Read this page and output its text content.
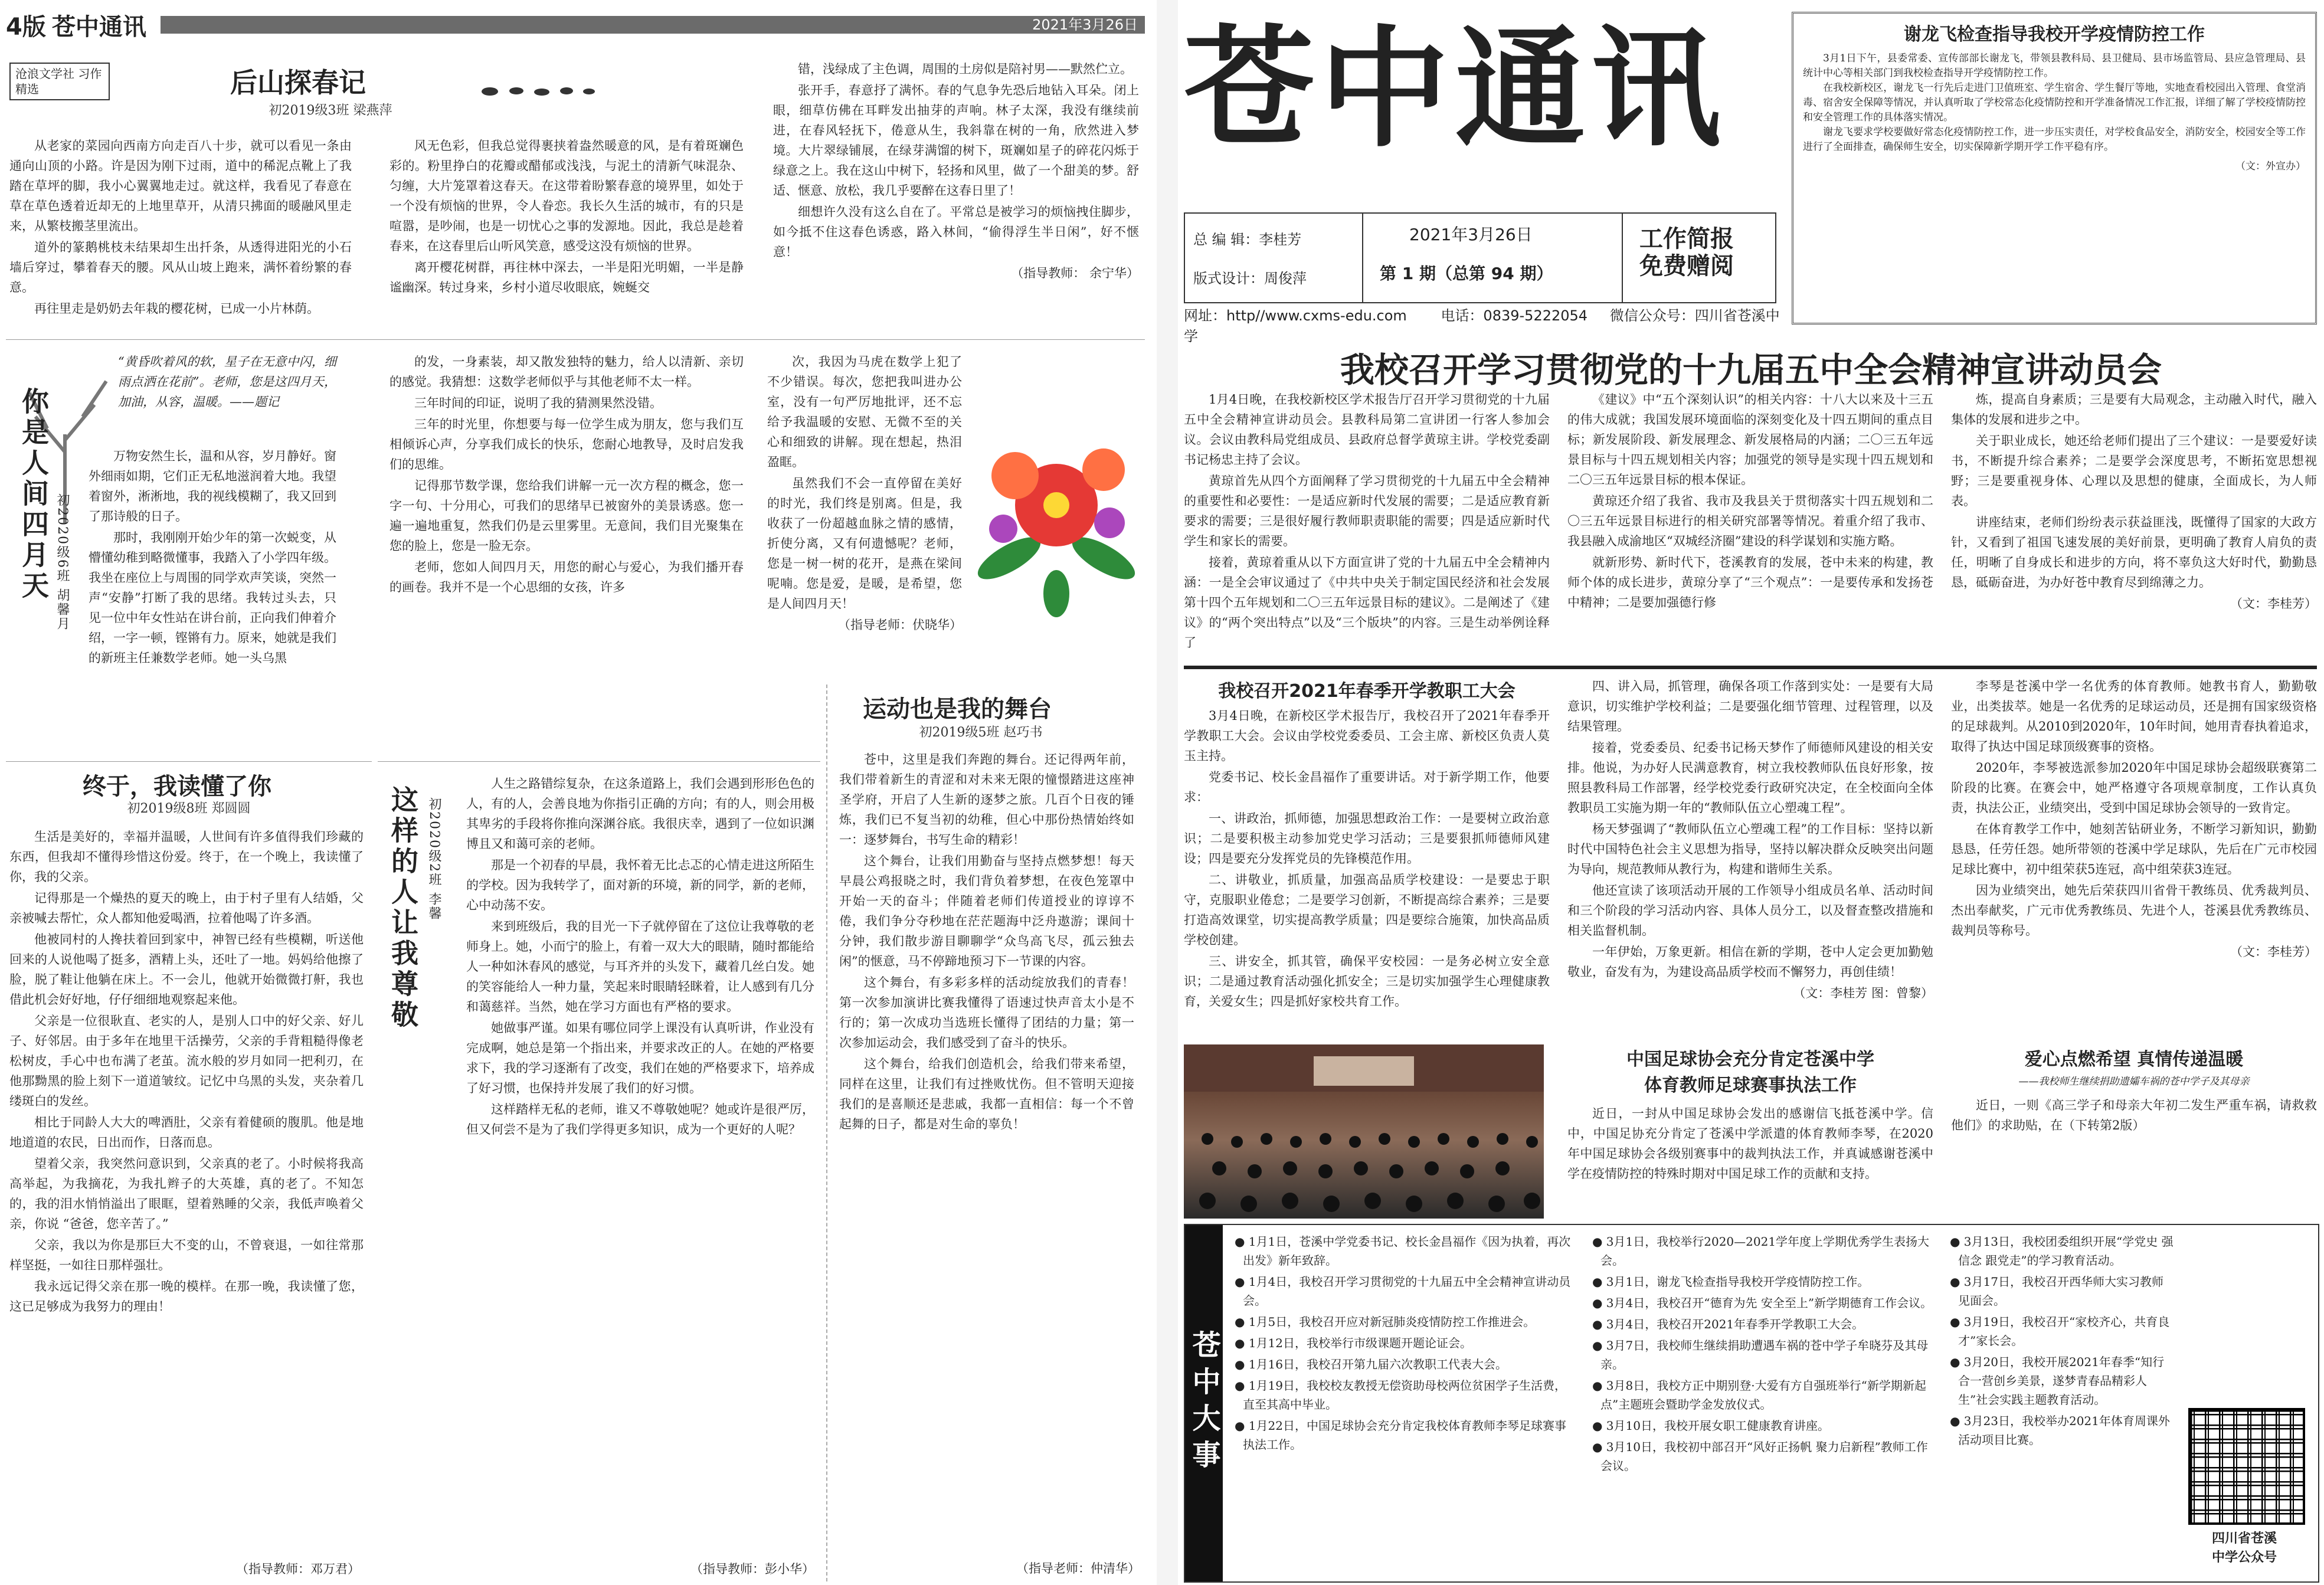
4版 苍中通讯	2021年3月26日
沧浪文学社 习作精选	后山探春记
初2019级3班 梁燕萍

从老家的菜园向西南方向走百八十步，就可以看见一条由通向山顶的小路。许是因为刚下过雨，道中的稀泥点靴上了我踏在草坪的脚，我小心翼翼地走过。就这样，我看见了春意在草在草色透着近却无的上地里草开，从清只拂面的暖融风里走来，从繁枝搬茎里流出。

道外的篆鹅桃枝未结果却生出扦条，从透得进阳光的小石墙后穿过，攀着春天的腰。风从山坡上跑来，满怀着纷繁的春意。

再往里走是奶奶去年栽的樱花树，已成一小片林荫。

风无色彩，但我总觉得裹挟着盎然暖意的风，是有着斑斓色彩的。粉里挣白的花瓣或醋郁或浅浅，与泥土的清新气味混杂、匀缠，大片笼罩着这春天。在这带着盼繁春意的境界里，如处于一个没有烦恼的世界，令人眷恋。我长久生活的城市，有的只是喧嚣，是吵闹，也是一切忧心之事的发源地。因此，我总是趁着春来，在这春里后山听风笑意，感受这没有烦恼的世界。

离开樱花树群，再往林中深去，一半是阳光明媚，一半是静谧幽深。转过身来，乡村小道尽收眼底，婉蜒交

错，浅绿成了主色调，周围的土房似是陪衬男——默然伫立。

张开手，春意抒了满怀。春的气息争先恐后地钻入耳朵。闭上眼，细草仿佛在耳畔发出抽芽的声响。林子太深，我没有继续前进，在春风轻抚下，倦意从生，我斜靠在树的一角，欣然进入梦境。大片翠绿铺展，在绿芽满馏的树下，斑斓如星子的碎花闪烁于绿意之上。我在这山中树下，轻扬和风里，做了一个甜美的梦。舒适、惬意、放松，我几乎要醉在这春日里了！

细想许久没有这么自在了。平常总是被学习的烦恼拽住脚步，如今抵不住这春色诱惑，路入林间，“偷得浮生半日闲”，好不惬意！

（指导教师： 余宁华）
你是人间四月天 初2020级6班 胡馨月
“黄昏吹着风的软，星子在无意中闪，细雨点洒在花前”。老师，您是这四月天，加油，从容，温暖。——题记

万物安然生长，温和从容，岁月静好。窗外细雨如期，它们正无私地滋润着大地。我望着窗外，淅淅地，我的视线模糊了，我又回到了那诗般的日子。

那时，我刚刚开始少年的第一次蜕变，从懵懂幼稚到略微懂事，我踏入了小学四年级。我坐在座位上与周围的同学欢声笑谈，突然一声“安静”打断了我的思绪。我转过头去，只见一位中年女性站在讲台前，正向我们伸着介绍，一字一顿，铿锵有力。原来，她就是我们的新班主任兼数学老师。她一头乌黑

的发，一身素装，却又散发独特的魅力，给人以清新、亲切的感觉。我猜想：这数学老师似乎与其他老师不太一样。

三年时间的印证，说明了我的猜测果然没错。

三年的时光里，你想要与每一位学生成为朋友，您与我们互相倾诉心声，分享我们成长的快乐，您耐心地教导，及时启发我们的思维。

记得那节数学课，您给我们讲解一元一次方程的概念，您一字一句、十分用心，可我们的思绪早已被窗外的美景诱惑。您一遍一遍地重复，然我们仍是云里雾里。无意间，我们目光聚集在您的脸上，您是一脸无奈。

老师，您如人间四月天，用您的耐心与爱心，为我们播开春的画卷。我并不是一个心思细的女孩，许多

次，我因为马虎在数学上犯了不少错误。每次，您把我叫进办公室，没有一句严厉地批评，还不忘给予我温暖的安慰、无微不至的关心和细致的讲解。现在想起，热泪盈眶。

虽然我们不会一直停留在美好的时光，我们终是别离。但是，我收获了一份超越血脉之情的感情，折使分离，又有何遗憾呢？老师，您是一树一树的花开，是燕在梁间呢喃。您是爱，是暖，是希望，您是人间四月天！

（指导老师：伏晓华）
终于，我读懂了你
初2019级8班 郑圆圆

生活是美好的，幸福并温暖，人世间有许多值得我们珍藏的东西，但我却不懂得珍惜这份爱。终于，在一个晚上，我读懂了你，我的父亲。

记得那是一个燥热的夏天的晚上，由于村子里有人结婚，父亲被喊去帮忙，众人都知他爱喝酒，拉着他喝了许多酒。

他被同村的人搀扶着回到家中，神智已经有些模糊，听送他回来的人说他喝了挺多，酒精上头，还吐了一地。妈妈给他擦了脸，脱了鞋让他躺在床上。不一会儿，他就开始微微打鼾，我也借此机会好好地，仔仔细细地观察起来他。

父亲是一位很耿直、老实的人，是别人口中的好父亲、好儿子、好邻居。由于多年在地里干活操劳，父亲的手背粗糙得像老松树皮，手心中也布满了老茧。流水般的岁月如同一把利刃，在他那黝黑的脸上刻下一道道皱纹。记忆中乌黑的头发，夹杂着几缕斑白的发丝。

相比于同龄人大大的啤酒肚，父亲有着健硕的腹肌。他是地地道道的农民，日出而作，日落而息。

望着父亲，我突然问意识到，父亲真的老了。小时候将我高高举起，为我摘花，为我扎辫子的大英雄，真的老了。不知怎的，我的泪水悄悄溢出了眼眶，望着熟睡的父亲，我低声唤着父亲，你说 “爸爸，您辛苦了。”

父亲，我以为你是那巨大不变的山，不曾衰退，一如往常那样坚挺，一如往日那样强壮。

我永远记得父亲在那一晚的模样。在那一晚，我读懂了您，这已足够成为我努力的理由！

（指导教师：邓万君）
这样的人让我尊敬 初2020级2班 李馨

人生之路错综复杂，在这条道路上，我们会遇到形形色色的人，有的人，会善良地为你指引正确的方向；有的人，则会用极其卑劣的手段将你推向深渊谷底。我很庆幸，遇到了一位如识渊博且又和蔼可亲的老师。

那是一个初春的早晨，我怀着无比忐忑的心情走进这所陌生的学校。因为我转学了，面对新的环境，新的同学，新的老师，心中动荡不安。

来到班级后，我的目光一下子就停留在了这位让我尊敬的老师身上。她，小而宁的脸上，有着一双大大的眼睛，随时都能给人一种如沐春风的感觉，与耳齐并的头发下，藏着几丝白发。她的笑容能给人一种力量，笑起来时眼睛轻眯着，让人感到有几分和蔼慈祥。当然，她在学习方面也有严格的要求。

她做事严谨。如果有哪位同学上课没有认真听讲，作业没有完成啊，她总是第一个指出来，并要求改正的人。在她的严格要求下，我的学习逐渐有了改变，我们在她的严格要求下，培养成了好习惯，也保持并发展了我们的好习惯。

这样踏样无私的老师，谁又不尊敬她呢？她或许是很严厉，但又何尝不是为了我们学得更多知识，成为一个更好的人呢？

（指导教师：彭小华）
运动也是我的舞台
初2019级5班 赵巧书

苍中，这里是我们奔跑的舞台。还记得两年前，我们带着新生的青涩和对未来无限的憧憬踏进这座神圣学府，开启了人生新的逐梦之旅。几百个日夜的锤炼，我们已不复当初的幼稚，但心中那份热情始终如一：逐梦舞台，书写生命的精彩！

这个舞台，让我们用勤奋与坚持点燃梦想！每天早晨公鸡报晓之时，我们背负着梦想，在夜色笼罩中开始一天的奋斗；伴随着老师们传道授业的谆谆不倦，我们争分夺秒地在茫茫题海中泛舟遨游；课间十分钟，我们散步游目聊聊学“众鸟高飞尽，孤云独去闲”的惬意，马不停蹄地预习下一节课的内容。

这个舞台，有多彩多样的活动绽放我们的青春！第一次参加演讲比赛我懂得了语速过快声音太小是不行的；第一次成功当选班长懂得了团结的力量；第一次参加运动会，我们感受到了奋斗的快乐。

这个舞台，给我们创造机会，给我们带来希望，同样在这里，让我们有过挫败忧伤。但不管明天迎接我们的是喜顺还是悲戚，我都一直相信：每一个不曾起舞的日子，都是对生命的辜负！

（指导老师：仲清华）
苍中通讯
总 编 辑：李桂芳
版式设计：周俊萍
2021年3月26日
第 1 期（总第 94 期）
工作简报
免费赠阅
网址：http//www.cxms-edu.com 电话：0839-5222054 微信公众号：四川省苍溪中学
谢龙飞检查指导我校开学疫情防控工作

3月1日下午，县委常委、宣传部部长谢龙飞，带领县教科局、县卫健局、县市场监管局、县应急管理局、县统计中心等相关部门到我校检查指导开学疫情防控工作。

在我校新校区，谢龙飞一行先后走进门卫值班室、学生宿舍、学生餐厅等地，实地查看校园出入管理、食堂消毒、宿舍安全保障等情况，并认真听取了学校常态化疫情防控和开学准备情况工作汇报，详细了解了学校疫情防控和安全管理工作的具体落实情况。

谢龙飞要求学校要做好常态化疫情防控工作，进一步压实责任，对学校食品安全，消防安全，校园安全等工作进行了全面排查，确保师生安全，切实保障新学期开学工作平稳有序。

（文：外宣办）
我校召开学习贯彻党的十九届五中全会精神宣讲动员会

1月4日晚，在我校新校区学术报告厅召开学习贯彻党的十九届五中全会精神宣讲动员会。县教科局第二宣讲团一行客人参加会议。会议由教科局党组成员、县政府总督学黄琼主讲。学校党委副书记杨忠主持了会议。

黄琼首先从四个方面阐释了学习贯彻党的十九届五中全会精神的重要性和必要性：一是适应新时代发展的需要；二是适应教育新要求的需要；三是很好履行教师职责职能的需要；四是适应新时代学生和家长的需要。

接着，黄琼着重从以下方面宣讲了党的十九届五中全会精神内涵：一是全会审议通过了《中共中央关于制定国民经济和社会发展第十四个五年规划和二〇三五年远景目标的建议》。二是阐述了《建议》的“两个突出特点”以及“三个版块”的内容。三是生动举例诠释了

《建议》中“五个深刻认识”的相关内容：十八大以来及十三五的伟大成就；我国发展环境面临的深刻变化及十四五期间的重点目标；新发展阶段、新发展理念、新发展格局的内涵；二〇三五年远景目标与十四五规划相关内容；加强党的领导是实现十四五规划和二〇三五年远景目标的根本保证。

黄琼还介绍了我省、我市及我县关于贯彻落实十四五规划和二〇三五年远景目标进行的相关研究部署等情况。着重介绍了我市、我县融入成渝地区“双城经济圈”建设的科学谋划和实施方略。

就新形势、新时代下，苍溪教育的发展，苍中未来的构建，教师个体的成长进步，黄琼分享了“三个观点”：一是要传承和发扬苍中精神；二是要加强德行修

炼，提高自身素质；三是要有大局观念，主动融入时代，融入集体的发展和进步之中。

关于职业成长，她还给老师们提出了三个建议：一是要爱好读书，不断提升综合素养；二是要学会深度思考，不断拓宽思想视野；三是要重视身体、心理以及思想的健康，全面成长，为人师表。

讲座结束，老师们纷纷表示获益匪浅，既懂得了国家的大政方针，又看到了祖国飞速发展的美好前景，更明确了教育人肩负的责任，明晰了自身成长和进步的方向，将不辜负这大好时代，勤勤恳恳，砥砺奋进，为办好苍中教育尽到绵薄之力。

（文：李桂芳）
我校召开2021年春季开学教职工大会

3月4日晚，在新校区学术报告厅，我校召开了2021年春季开学教职工大会。会议由学校党委委员、工会主席、新校区负责人莫玉主持。

党委书记、校长金昌福作了重要讲话。对于新学期工作，他要求：

一、讲政治，抓师德，加强思想政治工作：一是要树立政治意识；二是要积极主动参加党史学习活动；三是要狠抓师德师风建设；四是要充分发挥党员的先锋模范作用。

二、讲敬业，抓质量，加强高品质学校建设：一是要忠于职守，克服职业倦怠；二是要学习创新，不断提高综合素养；三是要打造高效课堂，切实提高教学质量；四是要综合施策，加快高品质学校创建。

三、讲安全，抓其管，确保平安校园：一是务必树立安全意识；二是通过教育活动强化抓安全；三是切实加强学生心理健康教育，关爱女生；四是抓好家校共育工作。

四、讲入局，抓管理，确保各项工作落到实处：一是要有大局意识，切实维护学校利益；二是要强化细节管理、过程管理，以及结果管理。

接着，党委委员、纪委书记杨天梦作了师德师风建设的相关安排。他说，为办好人民满意教育，树立我校教师队伍良好形象，按照县教科局工作部署，经学校党委行政研究决定，在全校面向全体教职员工实施为期一年的“教师队伍立心塑魂工程”。

杨天梦强调了“教师队伍立心塑魂工程”的工作目标：坚持以新时代中国特色社会主义思想为指导，坚持以解决群众反映突出问题为导向，规范教师从教行为，构建和谐师生关系。

他还宣读了该项活动开展的工作领导小组成员名单、活动时间和三个阶段的学习活动内容、具体人员分工，以及督查整改措施和相关监督机制。

一年伊始，万象更新。相信在新的学期，苍中人定会更加勤勉敬业，奋发有为，为建设高品质学校而不懈努力，再创佳绩！

（文：李桂芳 图：曾黎）
中国足球协会充分肯定苍溪中学
体育教师足球赛事执法工作

近日，一封从中国足球协会发出的感谢信飞抵苍溪中学。信中，中国足协充分肯定了苍溪中学派遣的体育教师李琴，在2020年中国足球协会各级别赛事中的裁判执法工作，并真诚感谢苍溪中学在疫情防控的特殊时期对中国足球工作的贡献和支持。

李琴是苍溪中学一名优秀的体育教师。她教书育人，勤勤敬业，出类拔萃。她是一名优秀的足球运动员，还是拥有国家级资格的足球裁判。从2010到2020年，10年时间，她用青春执着追求，取得了执达中国足球顶级赛事的资格。

2020年，李琴被选派参加2020年中国足球协会超级联赛第二阶段的比赛。在赛会中，她严格遵守各项规章制度，工作认真负责，执法公正，业绩突出，受到中国足球协会领导的一致肯定。

在体育教学工作中，她刻苦钻研业务，不断学习新知识，勤勤恳恳，任劳任怨。她所带领的苍溪中学足球队，先后在广元市校园足球比赛中，初中组荣获5连冠，高中组荣获3连冠。

因为业绩突出，她先后荣获四川省骨干教练员、优秀裁判员、杰出奉献奖，广元市优秀教练员、先进个人，苍溪县优秀教练员、裁判员等称号。

（文：李桂芳）
爱心点燃希望 真情传递温暖
——我校师生继续捐助遗孀车祸的苍中学子及其母亲

近日，一则《高三学子和母亲大年初二发生严重车祸，请救救他们》的求助贴，在（下转第2版）

苍中大事
● 1月1日，苍溪中学党委书记、校长金昌福作《因为执着，再次出发》新年致辞。
● 1月4日，我校召开学习贯彻党的十九届五中全会精神宣讲动员会。
● 1月5日，我校召开应对新冠肺炎疫情防控工作推进会。
● 1月12日，我校举行市级课题开题论证会。
● 1月16日，我校召开第九届六次教职工代表大会。
● 1月19日，我校校友教授无偿资助母校两位贫困学子生活费，直至其高中毕业。
● 1月22日，中国足球协会充分肯定我校体育教师李琴足球赛事执法工作。
● 3月1日，我校举行2020—2021学年度上学期优秀学生表扬大会。
● 3月1日，谢龙飞检查指导我校开学疫情防控工作。
● 3月4日，我校召开“德育为先 安全至上”新学期德育工作会议。
● 3月4日，我校召开2021年春季开学教职工大会。
● 3月7日，我校师生继续捐助遭遇车祸的苍中学子牟晓芬及其母亲。
● 3月8日，我校方正中期别登·大爱有方自强班举行“新学期新起点”主题班会暨助学金发放仪式。
● 3月10日，我校开展女职工健康教育讲座。
● 3月10日，我校初中部召开“风好正扬帆 聚力启新程”教师工作会议。
● 3月13日，我校团委组织开展“学党史 强信念 跟党走”的学习教育活动。
● 3月17日，我校召开西华师大实习教师见面会。
● 3月19日，我校召开“家校齐心，共育良才”家长会。
● 3月20日，我校开展2021年春季“知行合一营创乡美景，遂梦青春品精彩人生”社会实践主题教育活动。
● 3月23日，我校举办2021年体育周课外活动项目比赛。
四川省苍溪
中学公众号
